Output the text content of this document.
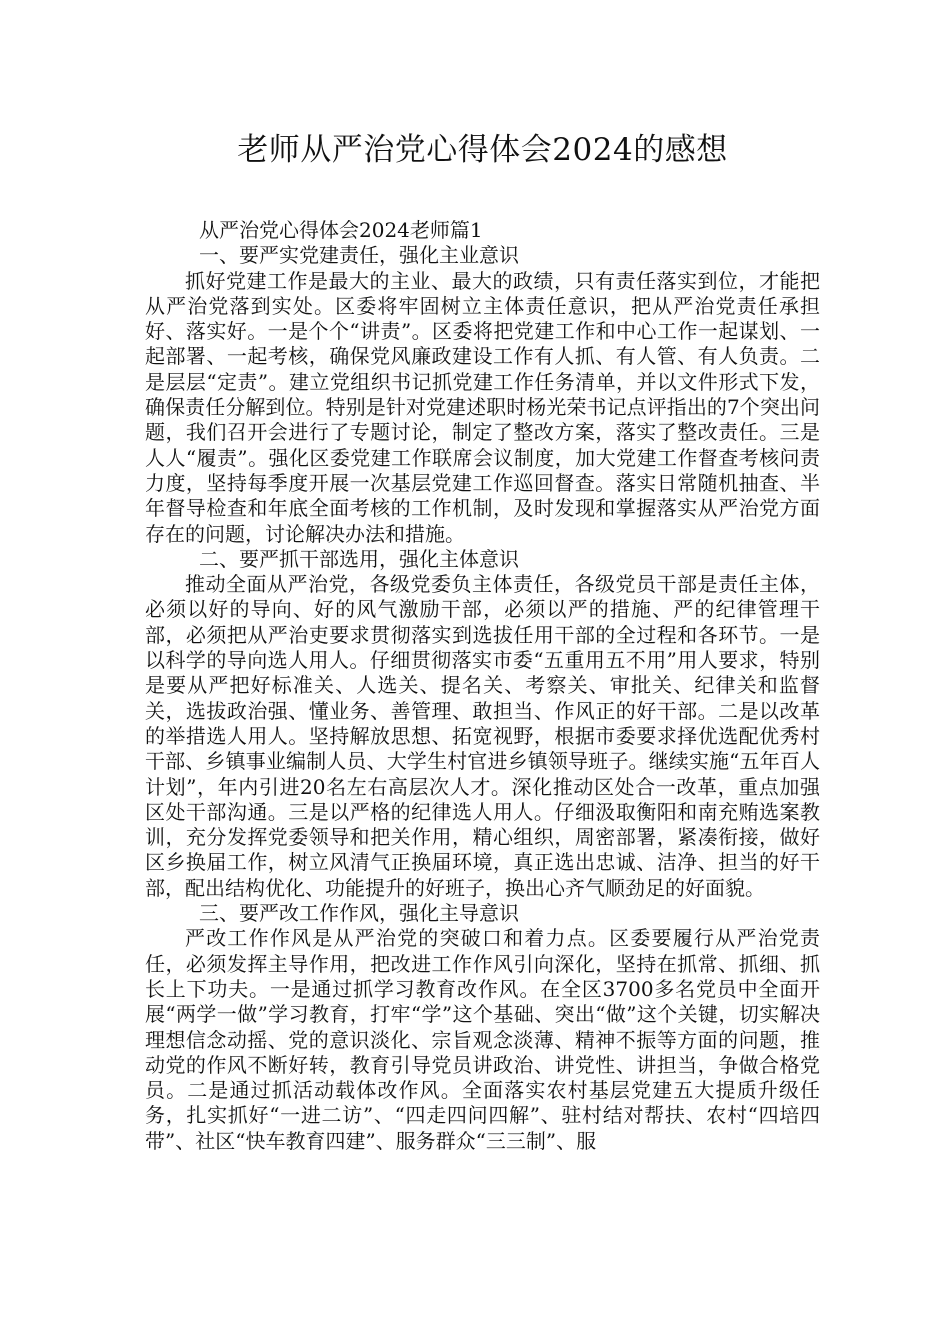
老师从严治党心得体会2024的感想

从严治党心得体会2024老师篇1

一、要严实党建责任，强化主业意识

抓好党建工作是最大的主业、最大的政绩，只有责任落实到位，才能把从严治党落到实处。区委将牢固树立主体责任意识，把从严治党责任承担好、落实好。一是个个“讲责”。区委将把党建工作和中心工作一起谋划、一起部署、一起考核，确保党风廉政建设工作有人抓、有人管、有人负责。二是层层“定责”。建立党组织书记抓党建工作任务清单，并以文件形式下发，确保责任分解到位。特别是针对党建述职时杨光荣书记点评指出的7个突出问题，我们召开会进行了专题讨论，制定了整改方案，落实了整改责任。三是人人“履责”。强化区委党建工作联席会议制度，加大党建工作督查考核问责力度，坚持每季度开展一次基层党建工作巡回督查。落实日常随机抽查、半年督导检查和年底全面考核的工作机制，及时发现和掌握落实从严治党方面存在的问题，讨论解决办法和措施。

二、要严抓干部选用，强化主体意识

推动全面从严治党，各级党委负主体责任，各级党员干部是责任主体，必须以好的导向、好的风气激励干部，必须以严的措施、严的纪律管理干部，必须把从严治吏要求贯彻落实到选拔任用干部的全过程和各环节。一是以科学的导向选人用人。仔细贯彻落实市委“五重用五不用”用人要求，特别是要从严把好标准关、人选关、提名关、考察关、审批关、纪律关和监督关，选拔政治强、懂业务、善管理、敢担当、作风正的好干部。二是以改革的举措选人用人。坚持解放思想、拓宽视野，根据市委要求择优选配优秀村干部、乡镇事业编制人员、大学生村官进乡镇领导班子。继续实施“五年百人计划”，年内引进20名左右高层次人才。深化推动区处合一改革，重点加强区处干部沟通。三是以严格的纪律选人用人。仔细汲取衡阳和南充贿选案教训，充分发挥党委领导和把关作用，精心组织，周密部署，紧凑衔接，做好区乡换届工作，树立风清气正换届环境，真正选出忠诚、洁净、担当的好干部，配出结构优化、功能提升的好班子，换出心齐气顺劲足的好面貌。

三、要严改工作作风，强化主导意识

严改工作作风是从严治党的突破口和着力点。区委要履行从严治党责任，必须发挥主导作用，把改进工作作风引向深化，坚持在抓常、抓细、抓长上下功夫。一是通过抓学习教育改作风。在全区3700多名党员中全面开展“两学一做”学习教育，打牢“学”这个基础、突出“做”这个关键，切实解决理想信念动摇、党的意识淡化、宗旨观念淡薄、精神不振等方面的问题，推动党的作风不断好转，教育引导党员讲政治、讲党性、讲担当，争做合格党员。二是通过抓活动载体改作风。全面落实农村基层党建五大提质升级任务，扎实抓好“一进二访”、“四走四问四解”、驻村结对帮扶、农村“四培四带”、社区“快车教育四建”、服务群众“三三制”、服
